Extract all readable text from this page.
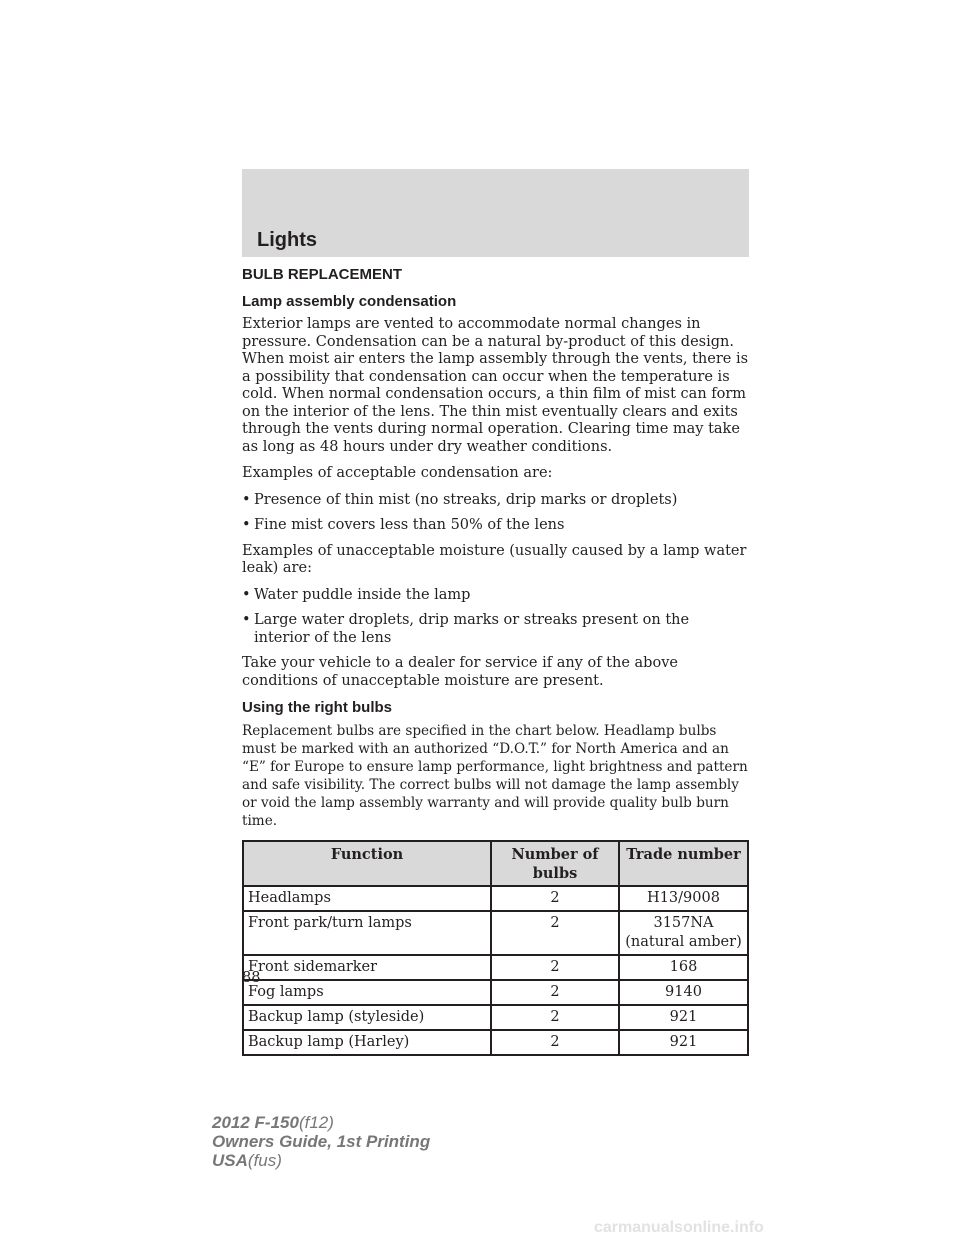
Lights
BULB REPLACEMENT
Lamp assembly condensation

Exterior lamps are vented to accommodate normal changes in pressure. Condensation can be a natural by-product of this design. When moist air enters the lamp assembly through the vents, there is a possibility that condensation can occur when the temperature is cold. When normal condensation occurs, a thin film of mist can form on the interior of the lens. The thin mist eventually clears and exits through the vents during normal operation. Clearing time may take as long as 48 hours under dry weather conditions.

Examples of acceptable condensation are:

• Presence of thin mist (no streaks, drip marks or droplets)
• Fine mist covers less than 50% of the lens

Examples of unacceptable moisture (usually caused by a lamp water leak) are:

• Water puddle inside the lamp
• Large water droplets, drip marks or streaks present on the interior of the lens

Take your vehicle to a dealer for service if any of the above conditions of unacceptable moisture are present.

Using the right bulbs

Replacement bulbs are specified in the chart below. Headlamp bulbs must be marked with an authorized “D.O.T.” for North America and an “E” for Europe to ensure lamp performance, light brightness and pattern and safe visibility. The correct bulbs will not damage the lamp assembly or void the lamp assembly warranty and will provide quality bulb burn time.

Function	Number of bulbs	Trade number
Headlamps	2	H13/9008
Front park/turn lamps	2	3157NA (natural amber)
Front sidemarker	2	168
Fog lamps	2	9140
Backup lamp (styleside)	2	921
Backup lamp (Harley)	2	921
88
2012 F-150(f12)
Owners Guide, 1st Printing
USA(fus)
carmanualsonline.info
